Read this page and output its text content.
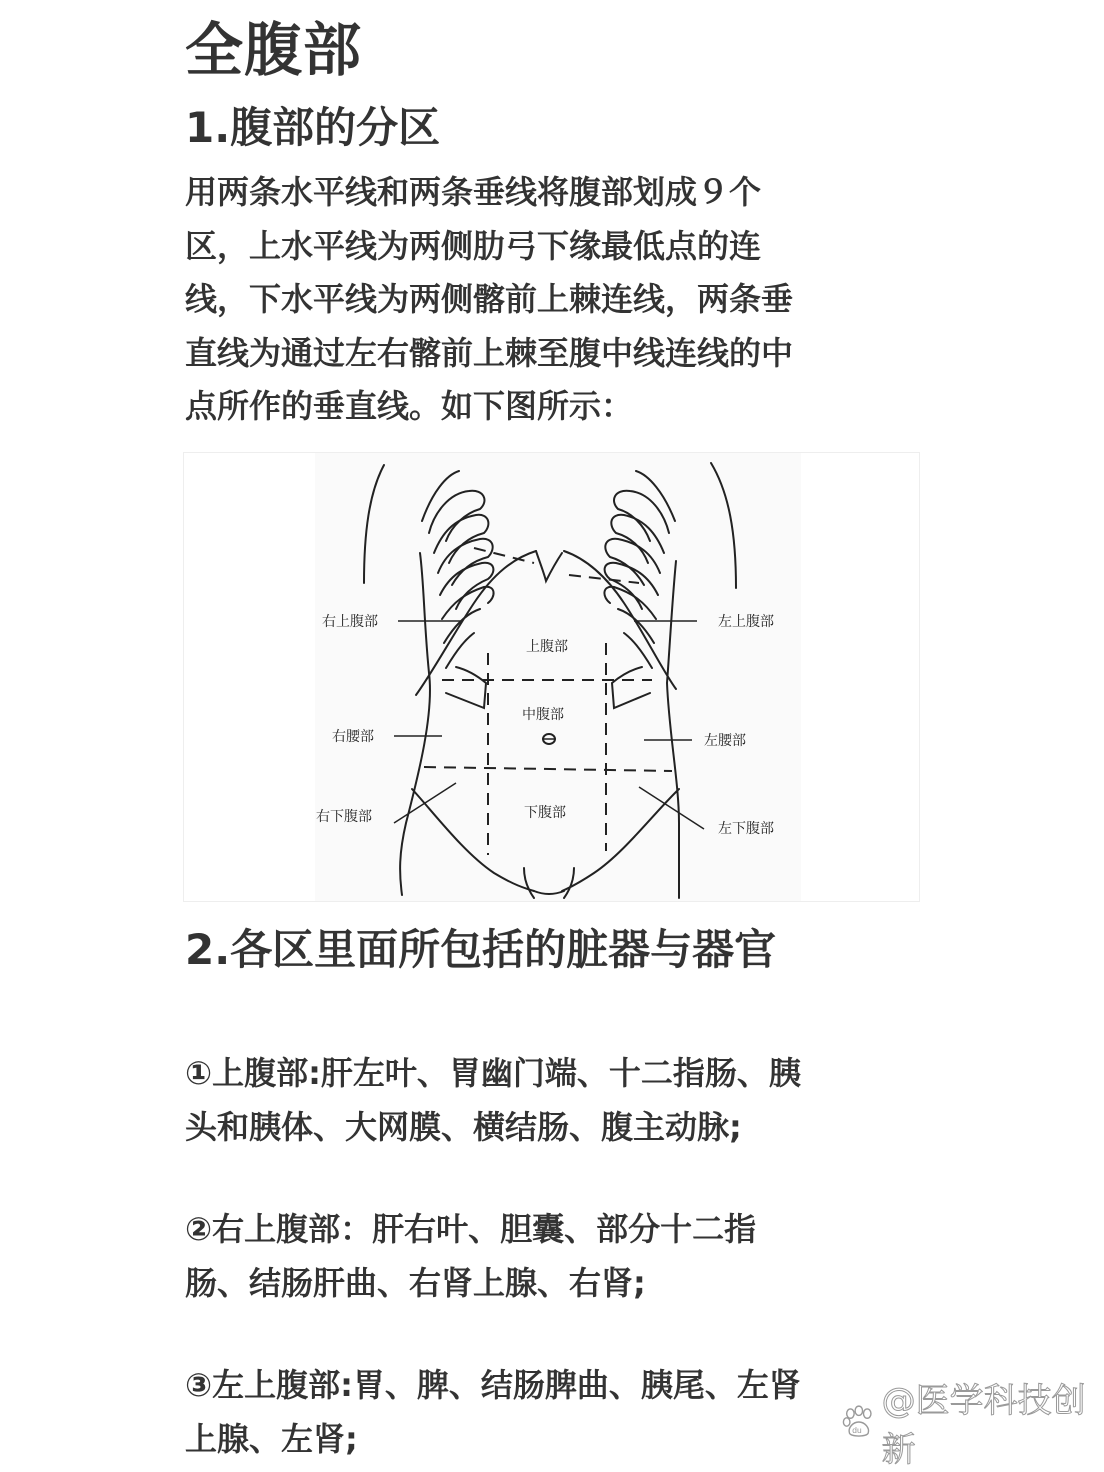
全腹部
1.腹部的分区
用两条水平线和两条垂线将腹部划成９个
区，上水平线为两侧肋弓下缘最低点的连
线，下水平线为两侧髂前上棘连线，两条垂
直线为通过左右髂前上棘至腹中线连线的中
点所作的垂直线。如下图所示：
右上腹部	左上腹部
上腹部
中腹部
右腰部	左腰部
右下腹部
左下腹部
下腹部
2.各区里面所包括的脏器与器官
①上腹部:肝左叶、胃幽门端、十二指肠、胰
头和胰体、大网膜、横结肠、腹主动脉;
②右上腹部：肝右叶、胆囊、部分十二指
肠、结肠肝曲、右肾上腺、右肾;
③左上腹部:胃、脾、结肠脾曲、胰尾、左肾
上腺、左肾;	du
@医学科技创新
